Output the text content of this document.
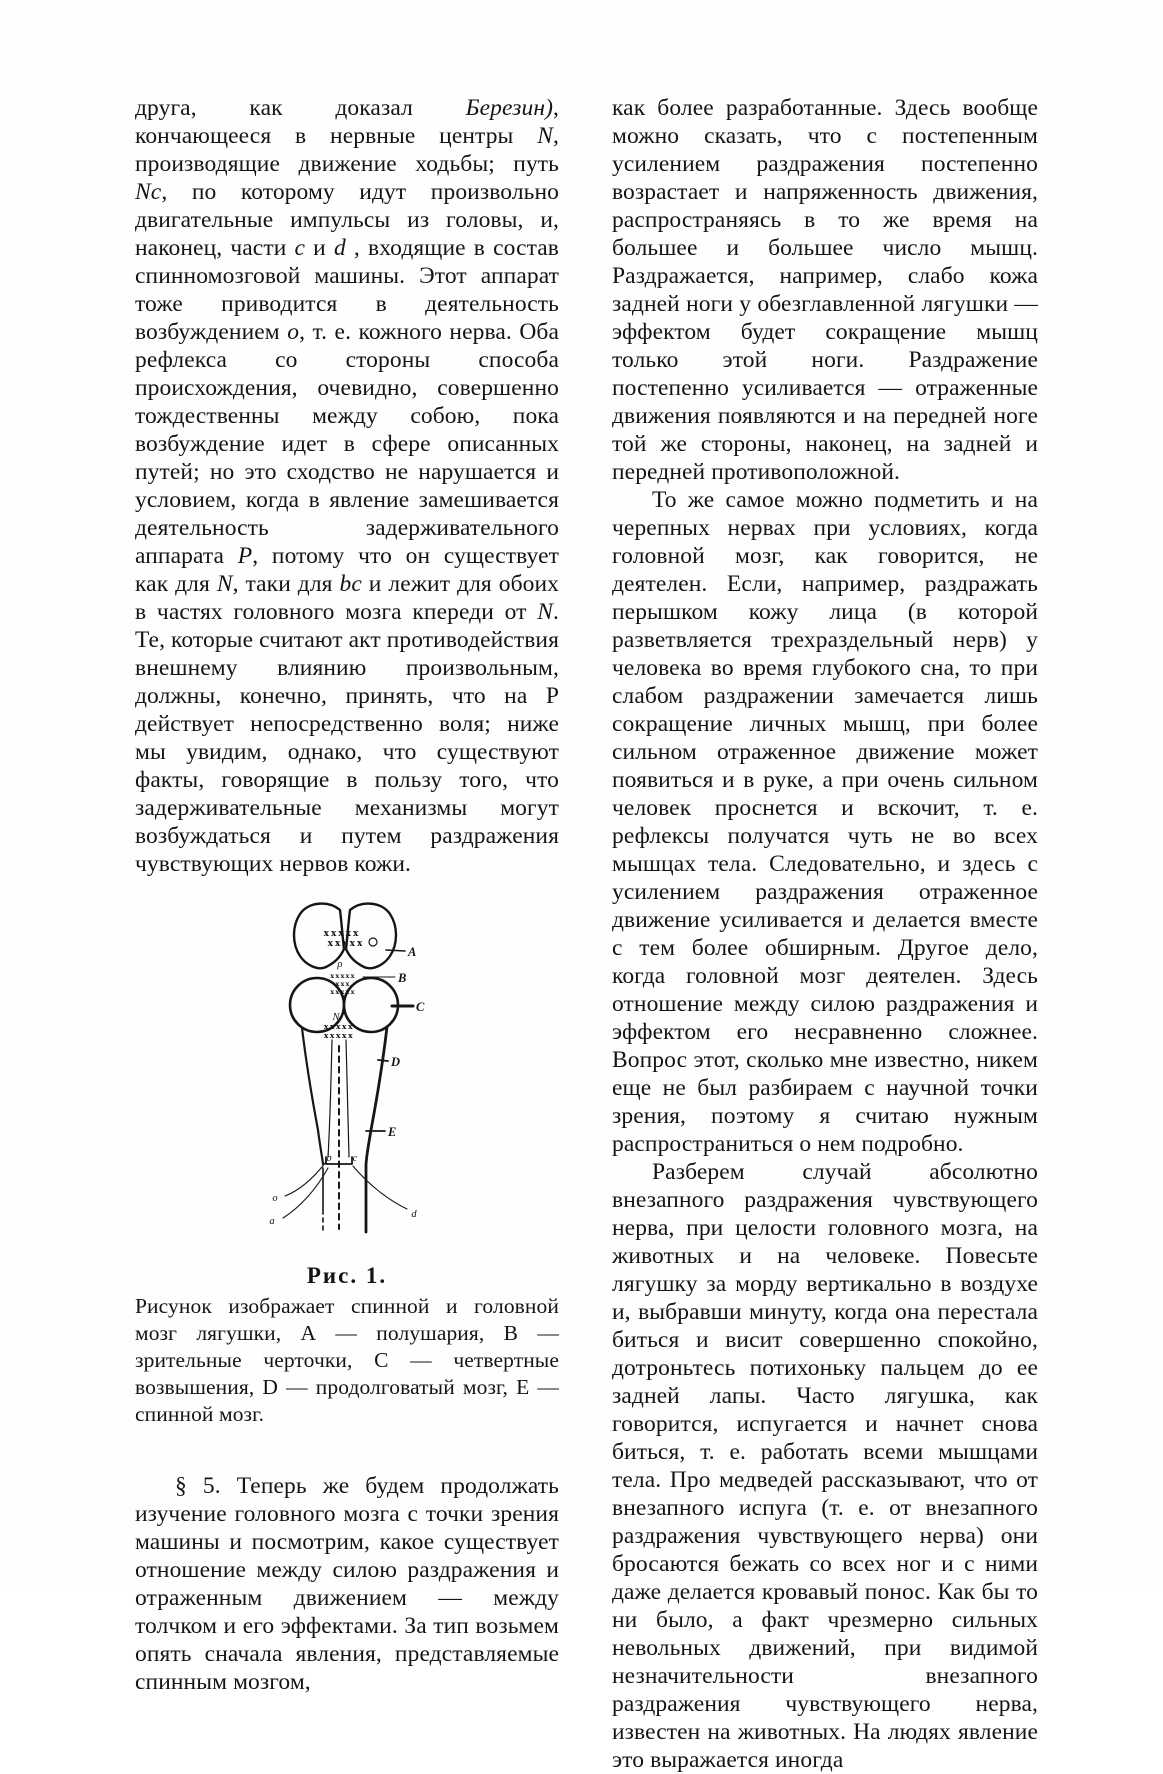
друга, как доказал Березин), кончающееся в нервные центры N, производящие движение ходьбы; путь Nc, по которому идут произвольно двигательные импульсы из головы, и, наконец, части c и d , входящие в состав спинномозговой машины. Этот аппарат тоже приводится в деятельность возбуждением o, т. е. кожного нерва. Оба рефлекса со стороны способа происхождения, очевидно, совершенно тождественны между собою, пока возбуждение идет в сфере описанных путей; но это сходство не нарушается и условием, когда в явление замешивается деятельность задерживательного аппарата P, потому что он существует как для N, таки для bc и лежит для обоих в частях головного мозга кпереди от N. Те, которые считают акт противодействия внешнему влиянию произвольным, должны, конечно, принять, что на Р действует непосредственно воля; ниже мы увидим, однако, что существуют факты, говорящие в пользу того, что задерживательные механизмы могут возбуждаться и путем раздражения чувствующих нервов кожи.

xxxxx
xxxxx
xxxxx
xxx
xxxxx
xxxxx
xxxxx
A
B
C
D
E
N
ρ
b c
o
a
d
Рис. 1.
Рисунок изображает спинной и головной мозг лягушки, А — полушария, В — зрительные черточки, С — четвертные возвышения, D — продолговатый мозг, Е — спинной мозг.

§ 5. Теперь же будем продолжать изучение головного мозга с точки зрения машины и посмотрим, какое существует отношение между силою раздражения и отраженным движением — между толчком и его эффектами. За тип возьмем опять сначала явления, представляемые спинным мозгом,

как более разработанные. Здесь вообще можно сказать, что с постепенным усилением раздражения постепенно возрастает и напряженность движения, распространяясь в то же время на большее и большее число мышц. Раздражается, например, слабо кожа задней ноги у обезглавленной лягушки — эффектом будет сокращение мышц только этой ноги. Раздражение постепенно усиливается — отраженные движения появляются и на передней ноге той же стороны, наконец, на задней и передней противоположной.

То же самое можно подметить и на черепных нервах при условиях, когда головной мозг, как говорится, не деятелен. Если, например, раздражать перышком кожу лица (в которой разветвляется трехраздельный нерв) у человека во время глубокого сна, то при слабом раздражении замечается лишь сокращение личных мышц, при более сильном отраженное движение может появиться и в руке, а при очень сильном человек проснется и вскочит, т. е. рефлексы получатся чуть не во всех мышцах тела. Следовательно, и здесь с усилением раздражения отраженное движение усиливается и делается вместе с тем более обширным. Другое дело, когда головной мозг деятелен. Здесь отношение между силою раздражения и эффектом его несравненно сложнее. Вопрос этот, сколько мне известно, никем еще не был разбираем с научной точки зрения, поэтому я считаю нужным распространиться о нем подробно.

Разберем случай абсолютно внезапного раздражения чувствующего нерва, при целости головного мозга, на животных и на человеке. Повесьте лягушку за морду вертикально в воздухе и, выбравши минуту, когда она перестала биться и висит совершенно спокойно, дотроньтесь потихоньку пальцем до ее задней лапы. Часто лягушка, как говорится, испугается и начнет снова биться, т. е. работать всеми мышцами тела. Про медведей рассказывают, что от внезапного испуга (т. е. от внезапного раздражения чувствующего нерва) они бросаются бежать со всех ног и с ними даже делается кровавый понос. Как бы то ни было, а факт чрезмерно сильных невольных движений, при видимой незначительности внезапного раздражения чувствующего нерва, известен на животных. На людях явление это выражается иногда
